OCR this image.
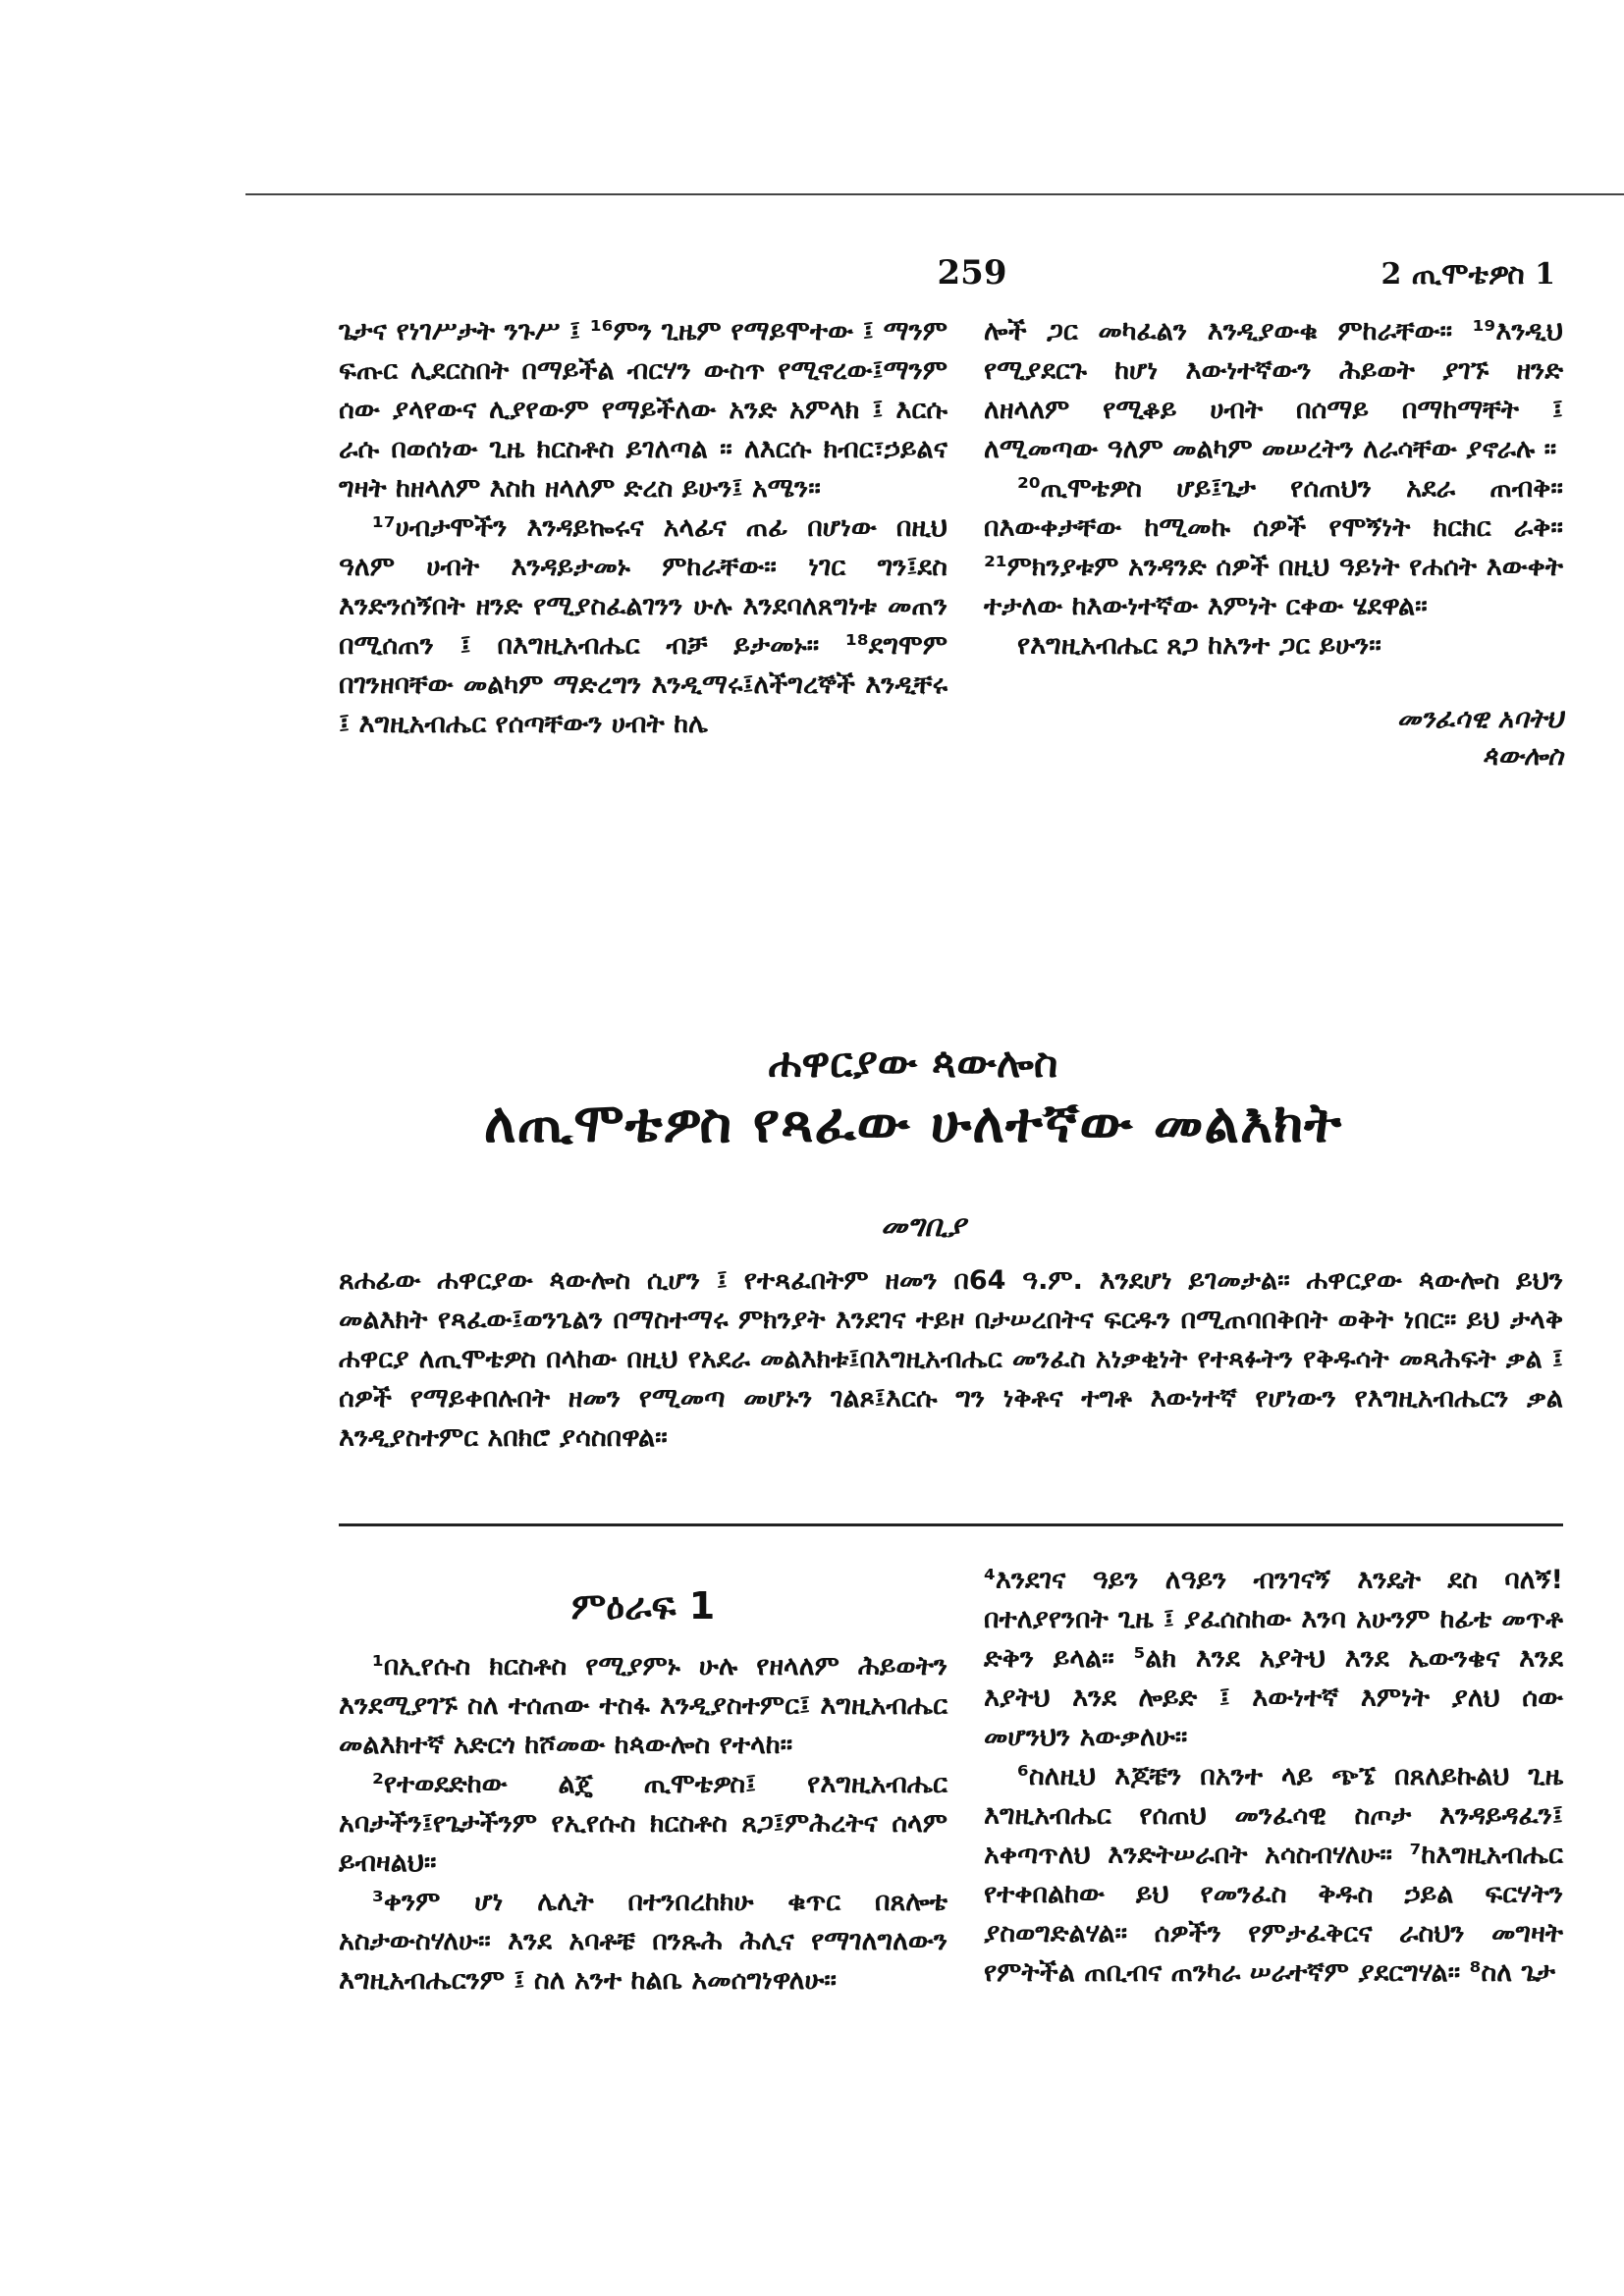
259	2 ጢሞቴዎስ 1

ጌታና የነገሥታት ንጉሥ ፤ ¹⁶ምን ጊዜም የማይሞተው ፤ ማንም ፍጡር ሊደርስበት በማይችል ብርሃን ውስጥ የሚኖረው፤ማንም ሰው ያላየውና ሊያየውም የማይችለው አንድ አምላክ ፤ እርሱ ራሱ በወሰነው ጊዜ ክርስቶስ ይገለጣል ። ለእርሱ ክብር፣ኃይልና ግዛት ከዘላለም እስከ ዘላለም ድረስ ይሁን፤ አሜን።

¹⁷ሀብታሞችን እንዳይኰሩና አላፊና ጠፊ በሆነው በዚህ ዓለም ሀብት እንዳይታመኑ ምከራቸው። ነገር ግን፤ደስ እንድንሰኝበት ዘንድ የሚያስፈልገንን ሁሉ እንደባለጸግነቱ መጠን በሚሰጠን ፤ በእግዚአብሔር ብቻ ይታመኑ። ¹⁸ደግሞም በገንዘባቸው መልካም ማድረግን እንዲማሩ፤ለችግረኞች እንዲቸሩ ፤ እግዚአብሔር የሰጣቸውን ሀብት ከሌ

ሎች ጋር መካፈልን እንዲያውቁ ምከራቸው። ¹⁹እንዲህ የሚያደርጉ ከሆነ እውነተኛውን ሕይወት ያገኙ ዘንድ ለዘላለም የሚቆይ ሀብት በሰማይ በማከማቸት ፤ ለሚመጣው ዓለም መልካም መሠረትን ለራሳቸው ያኖራሉ ።

²⁰ጢሞቴዎስ ሆይ፤ጌታ የሰጠህን አደራ ጠብቅ። በእውቀታቸው ከሚመኩ ሰዎች የሞኝነት ክርክር ራቅ። ²¹ምክንያቱም አንዳንድ ሰዎች በዚህ ዓይነት የሐሰት እውቀት ተታለው ከእውነተኛው እምነት ርቀው ሄደዋል።

የእግዚአብሔር ጸጋ ከአንተ ጋር ይሁን።

መንፈሳዊ አባትህ
ጳውሎስ
ሐዋርያው ጳውሎስ
ለጢሞቴዎስ የጻፈው ሁለተኛው መልእክት
መግቢያ
ጸሐፊው ሐዋርያው ጳውሎስ ሲሆን ፤ የተጻፈበትም ዘመን በ64 ዓ.ም. እንደሆነ ይገመታል። ሐዋርያው ጳውሎስ ይህን መልእክት የጻፈው፤ወንጌልን በማስተማሩ ምክንያት እንደገና ተይዞ በታሠረበትና ፍርዱን በሚጠባበቅበት ወቅት ነበር። ይህ ታላቅ ሐዋርያ ለጢሞቴዎስ በላከው በዚህ የአደራ መልእክቱ፤በእግዚአብሔር መንፈስ አነቃቂነት የተጻፉትን የቅዱሳት መጻሕፍት ቃል ፤ ሰዎች የማይቀበሉበት ዘመን የሚመጣ መሆኑን ገልጾ፤እርሱ ግን ነቅቶና ተግቶ እውነተኛ የሆነውን የእግዚአብሔርን ቃል እንዲያስተምር አበክሮ ያሳስበዋል።
ምዕራፍ 1

¹በኢየሱስ ክርስቶስ የሚያምኑ ሁሉ የዘላለም ሕይወትን እንደሚያገኙ ስለ ተሰጠው ተስፋ እንዲያስተምር፤ እግዚአብሔር መልእክተኛ አድርጎ ከሾመው ከጳውሎስ የተላከ።

²የተወደድከው ልጄ ጢሞቴዎስ፤ የእግዚአብሔር አባታችን፤የጌታችንም የኢየሱስ ክርስቶስ ጸጋ፤ምሕረትና ሰላም ይብዛልህ።

³ቀንም ሆነ ሌሊት በተንበረከክሁ ቁጥር በጸሎቴ አስታውስሃለሁ። እንደ አባቶቼ በንጹሕ ሕሊና የማገለግለውን እግዚአብሔርንም ፤ ስለ አንተ ከልቤ አመሰግነዋለሁ።

⁴እንደገና ዓይን ለዓይን ብንገናኝ እንዴት ደስ ባለኝ! በተለያየንበት ጊዜ ፤ ያፈሰስከው እንባ አሁንም ከፊቴ መጥቶ ድቅን ይላል። ⁵ልክ እንደ አያትህ እንደ ኤውንቄና እንደ እያትህ እንደ ሎይድ ፤ እውነተኛ እምነት ያለህ ሰው መሆንህን አውቃለሁ።

⁶ስለዚህ እጆቼን በአንተ ላይ ጭኜ በጸለይኩልህ ጊዜ እግዚአብሔር የሰጠህ መንፈሳዊ ስጦታ እንዳይዳፈን፤ አቀጣጥለህ እንድትሠራበት አሳስብሃለሁ። ⁷ከእግዚአብሔር የተቀበልከው ይህ የመንፈስ ቅዱስ ኃይል ፍርሃትን ያስወግድልሃል። ሰዎችን የምታፈቅርና ራስህን መግዛት የምትችል ጠቢብና ጠንካራ ሠራተኛም ያደርግሃል። ⁸ስለ ጌታ
